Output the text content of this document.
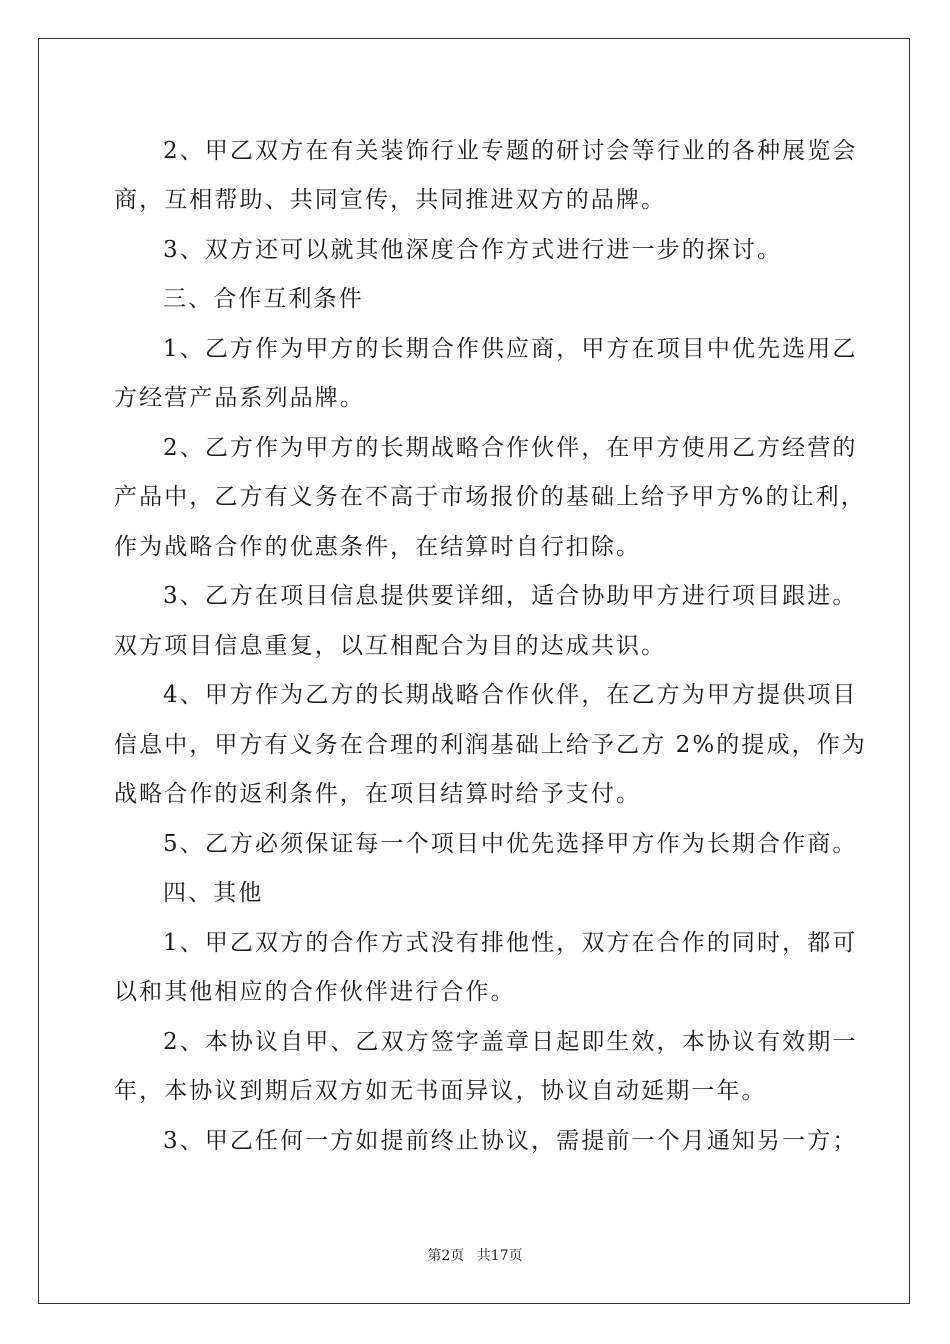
2、甲乙双方在有关装饰行业专题的研讨会等行业的各种展览会
商，互相帮助、共同宣传，共同推进双方的品牌。
3、双方还可以就其他深度合作方式进行进一步的探讨。
三、合作互利条件
1、乙方作为甲方的长期合作供应商，甲方在项目中优先选用乙
方经营产品系列品牌。
2、乙方作为甲方的长期战略合作伙伴，在甲方使用乙方经营的
产品中，乙方有义务在不高于市场报价的基础上给予甲方%的让利，
作为战略合作的优惠条件，在结算时自行扣除。
3、乙方在项目信息提供要详细，适合协助甲方进行项目跟进。
双方项目信息重复，以互相配合为目的达成共识。
4、甲方作为乙方的长期战略合作伙伴，在乙方为甲方提供项目
信息中，甲方有义务在合理的利润基础上给予乙方 2%的提成，作为
战略合作的返利条件，在项目结算时给予支付。
5、乙方必须保证每一个项目中优先选择甲方作为长期合作商。
四、其他
1、甲乙双方的合作方式没有排他性，双方在合作的同时，都可
以和其他相应的合作伙伴进行合作。
2、本协议自甲、乙双方签字盖章日起即生效，本协议有效期一
年，本协议到期后双方如无书面异议，协议自动延期一年。
3、甲乙任何一方如提前终止协议，需提前一个月通知另一方；
第2页 共17页
